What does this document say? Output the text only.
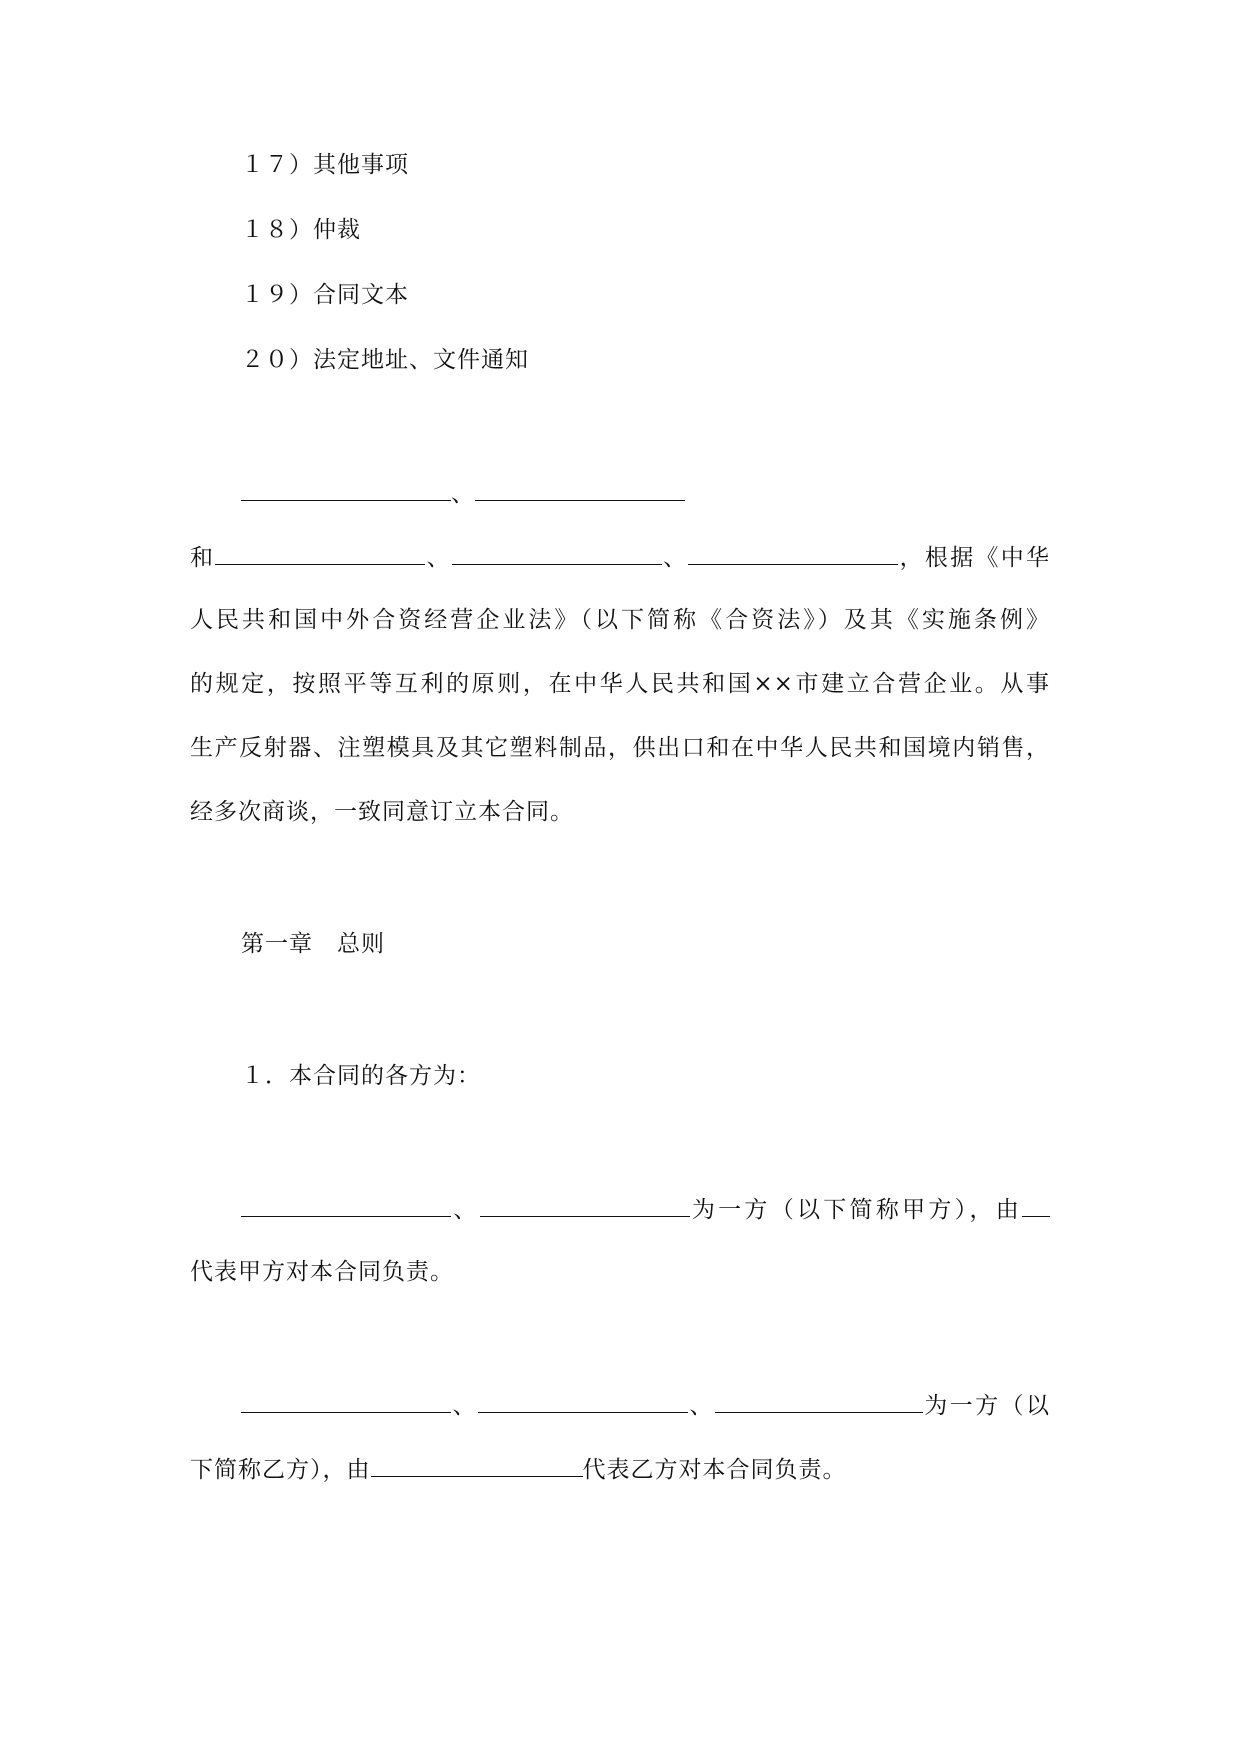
１７）其他事项
１８）仲裁
１９）合同文本
２０）法定地址、文件通知
、
和	、	、	，根据《中华
人民共和国中外合资经营企业法》（以下简称《合资法》）及其《实施条例》
的规定，按照平等互利的原则，在中华人民共和国××市建立合营企业。从事
生产反射器、注塑模具及其它塑料制品，供出口和在中华人民共和国境内销售，
经多次商谈，一致同意订立本合同。
第一章　总则
１．本合同的各方为：
、	为一方（以下简称甲方），由
代表甲方对本合同负责。
、	、	为一方（以
下简称乙方），由	代表乙方对本合同负责。
